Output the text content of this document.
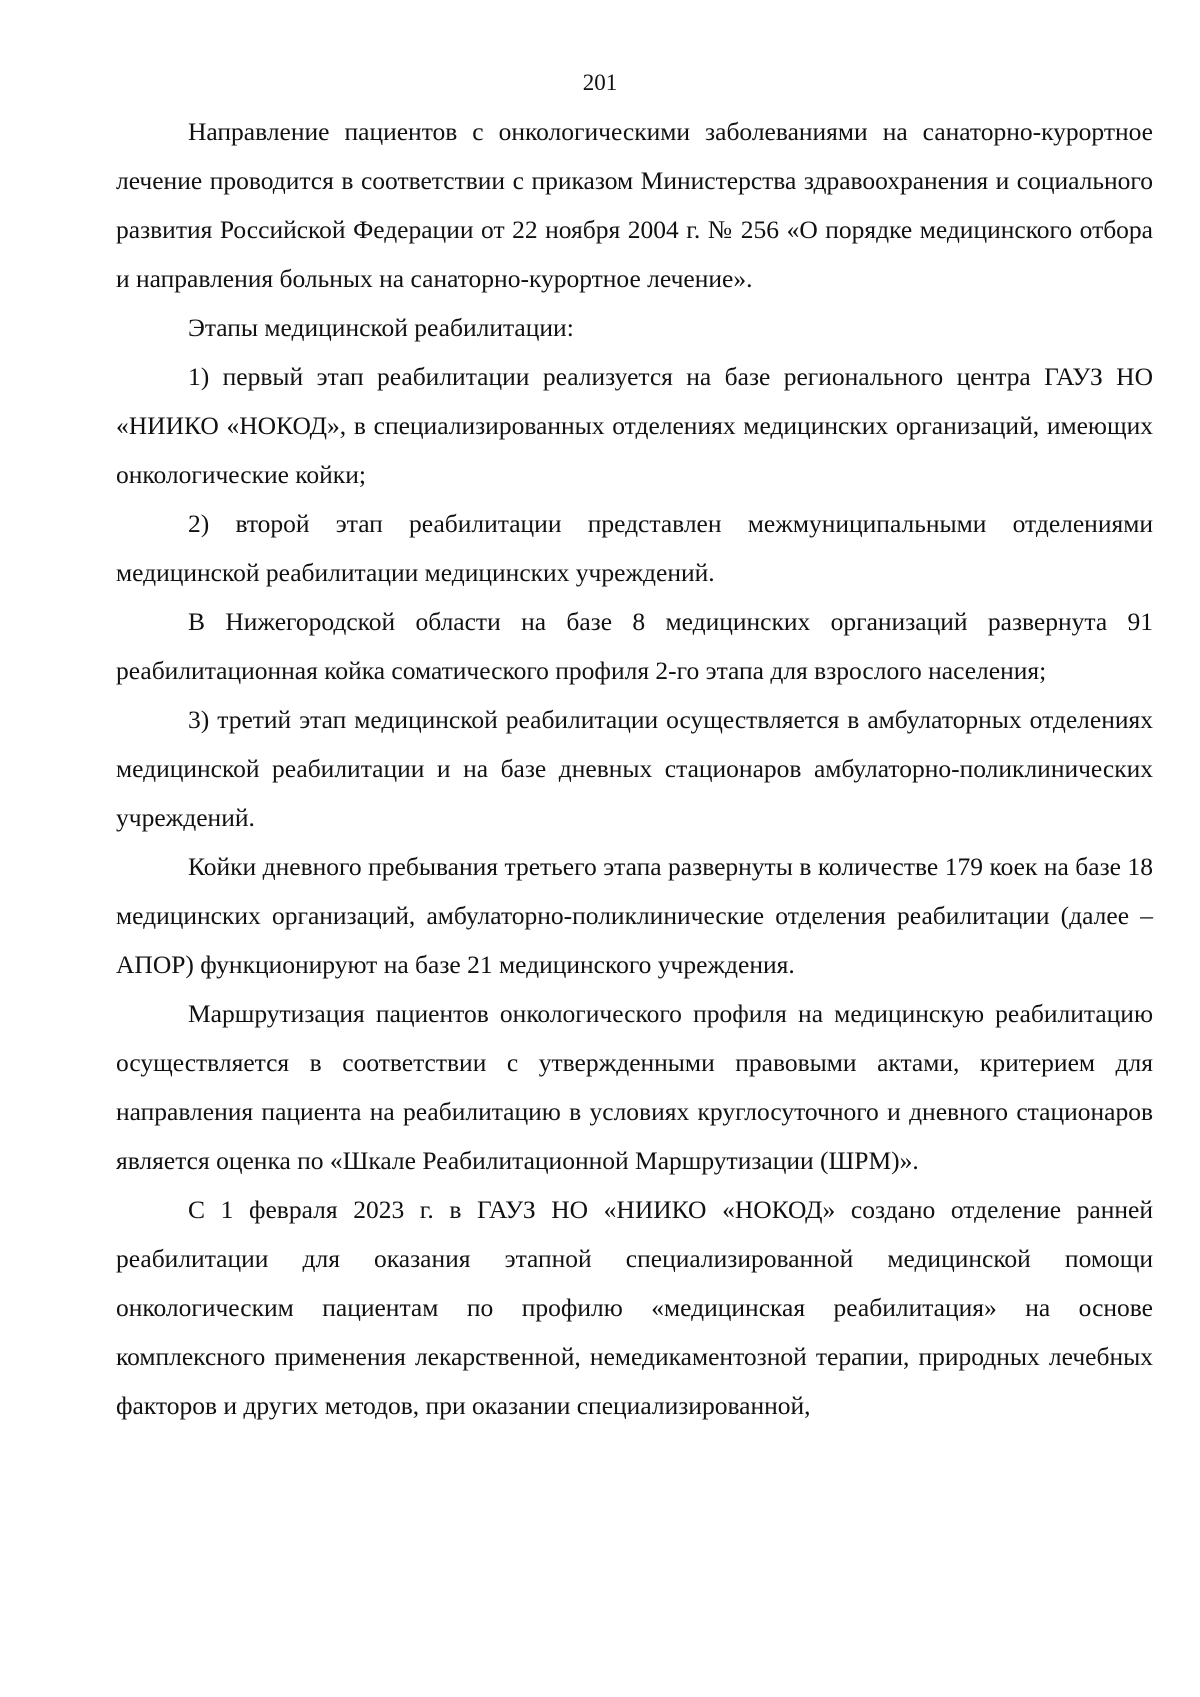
201

Направление пациентов с онкологическими заболеваниями на санаторно-курортное лечение проводится в соответствии с приказом Министерства здравоохранения и социального развития Российской Федерации от 22 ноября 2004 г. № 256 «О порядке медицинского отбора и направления больных на санаторно-курортное лечение».

Этапы медицинской реабилитации:

1) первый этап реабилитации реализуется на базе регионального центра ГАУЗ НО «НИИКО «НОКОД», в специализированных отделениях медицинских организаций, имеющих онкологические койки;

2) второй этап реабилитации представлен межмуниципальными отделениями медицинской реабилитации медицинских учреждений.

В Нижегородской области на базе 8 медицинских организаций развернута 91 реабилитационная койка соматического профиля 2-го этапа для взрослого населения;

3) третий этап медицинской реабилитации осуществляется в амбулаторных отделениях медицинской реабилитации и на базе дневных стационаров амбулаторно-поликлинических учреждений.

Койки дневного пребывания третьего этапа развернуты в количестве 179 коек на базе 18 медицинских организаций, амбулаторно-поликлинические отделения реабилитации (далее – АПОР) функционируют на базе 21 медицинского учреждения.

Маршрутизация пациентов онкологического профиля на медицинскую реабилитацию осуществляется в соответствии с утвержденными правовыми актами, критерием для направления пациента на реабилитацию в условиях круглосуточного и дневного стационаров является оценка по «Шкале Реабилитационной Маршрутизации (ШРМ)».

С 1 февраля 2023 г. в ГАУЗ НО «НИИКО «НОКОД» создано отделение ранней реабилитации для оказания этапной специализированной медицинской помощи онкологическим пациентам по профилю «медицинская реабилитация» на основе комплексного применения лекарственной, немедикаментозной терапии, природных лечебных факторов и других методов, при оказании специализированной,
